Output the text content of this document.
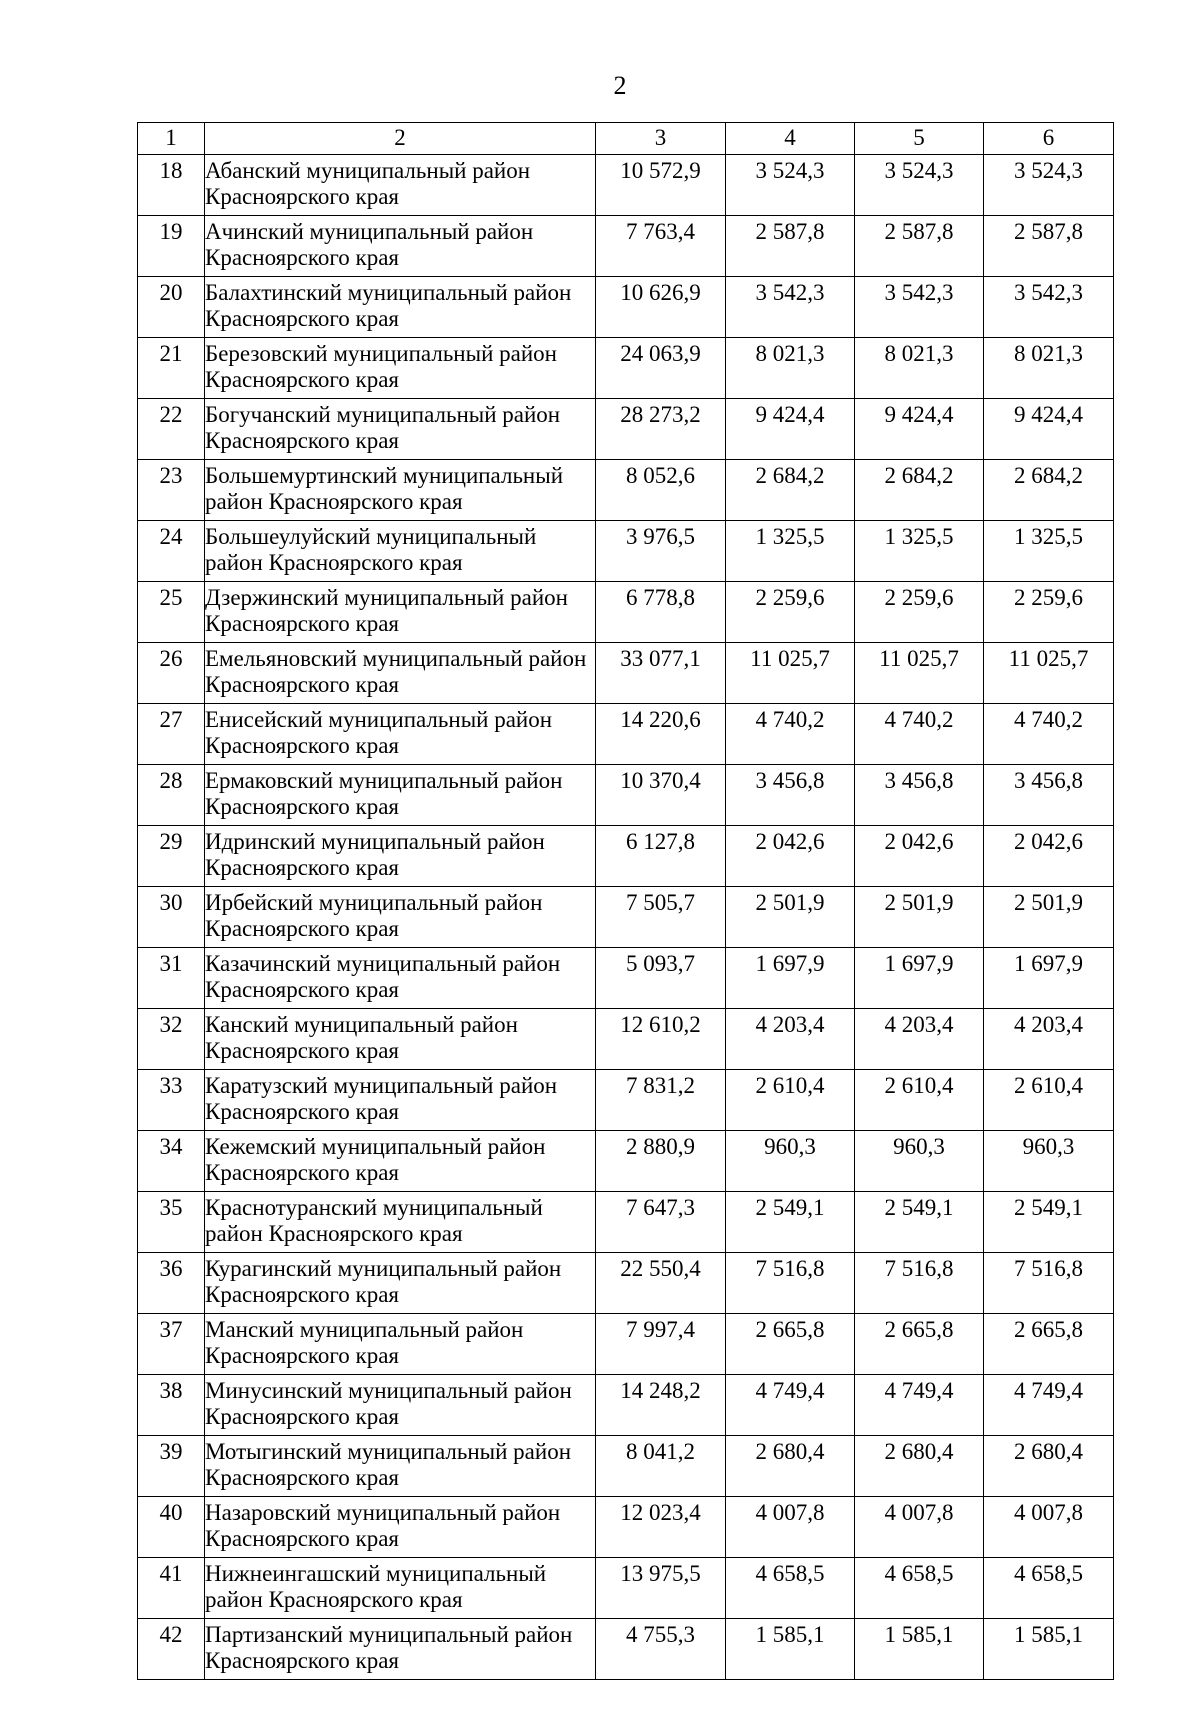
2
1	2	3	4	5	6
18	Абанский муниципальный район Красноярского края	10 572,9	3 524,3	3 524,3	3 524,3
19	Ачинский муниципальный район Красноярского края	7 763,4	2 587,8	2 587,8	2 587,8
20	Балахтинский муниципальный район Красноярского края	10 626,9	3 542,3	3 542,3	3 542,3
21	Березовский муниципальный район Красноярского края	24 063,9	8 021,3	8 021,3	8 021,3
22	Богучанский муниципальный район Красноярского края	28 273,2	9 424,4	9 424,4	9 424,4
23	Большемуртинский муниципальный район Красноярского края	8 052,6	2 684,2	2 684,2	2 684,2
24	Большеулуйский муниципальный район Красноярского края	3 976,5	1 325,5	1 325,5	1 325,5
25	Дзержинский муниципальный район Красноярского края	6 778,8	2 259,6	2 259,6	2 259,6
26	Емельяновский муниципальный район Красноярского края	33 077,1	11 025,7	11 025,7	11 025,7
27	Енисейский муниципальный район Красноярского края	14 220,6	4 740,2	4 740,2	4 740,2
28	Ермаковский муниципальный район Красноярского края	10 370,4	3 456,8	3 456,8	3 456,8
29	Идринский муниципальный район Красноярского края	6 127,8	2 042,6	2 042,6	2 042,6
30	Ирбейский муниципальный район Красноярского края	7 505,7	2 501,9	2 501,9	2 501,9
31	Казачинский муниципальный район Красноярского края	5 093,7	1 697,9	1 697,9	1 697,9
32	Канский муниципальный район Красноярского края	12 610,2	4 203,4	4 203,4	4 203,4
33	Каратузский муниципальный район Красноярского края	7 831,2	2 610,4	2 610,4	2 610,4
34	Кежемский муниципальный район Красноярского края	2 880,9	960,3	960,3	960,3
35	Краснотуранский муниципальный район Красноярского края	7 647,3	2 549,1	2 549,1	2 549,1
36	Курагинский муниципальный район Красноярского края	22 550,4	7 516,8	7 516,8	7 516,8
37	Манский муниципальный район Красноярского края	7 997,4	2 665,8	2 665,8	2 665,8
38	Минусинский муниципальный район Красноярского края	14 248,2	4 749,4	4 749,4	4 749,4
39	Мотыгинский муниципальный район Красноярского края	8 041,2	2 680,4	2 680,4	2 680,4
40	Назаровский муниципальный район Красноярского края	12 023,4	4 007,8	4 007,8	4 007,8
41	Нижнеингашский муниципальный район Красноярского края	13 975,5	4 658,5	4 658,5	4 658,5
42	Партизанский муниципальный район Красноярского края	4 755,3	1 585,1	1 585,1	1 585,1
